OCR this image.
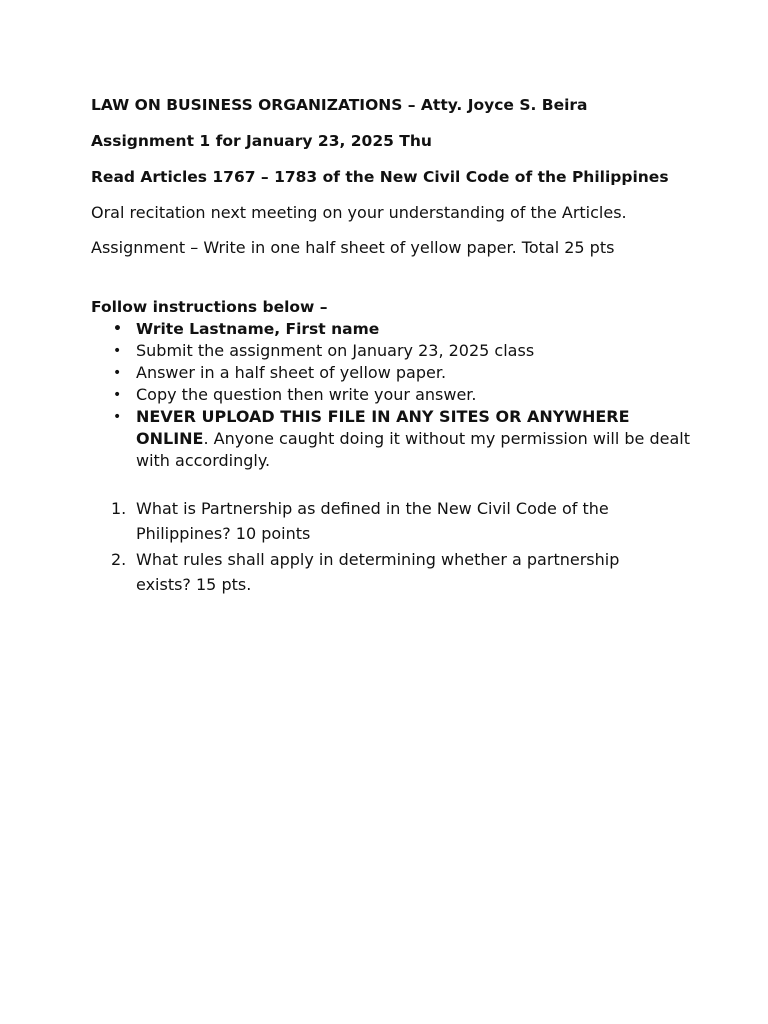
LAW ON BUSINESS ORGANIZATIONS – Atty. Joyce S. Beira

Assignment 1 for January 23, 2025 Thu

Read Articles 1767 – 1783 of the New Civil Code of the Philippines

Oral recitation next meeting on your understanding of the Articles.

Assignment – Write in one half sheet of yellow paper. Total 25 pts

Follow instructions below –

• Write Lastname, First name
• Submit the assignment on January 23, 2025 class
• Answer in a half sheet of yellow paper.
• Copy the question then write your answer.
• NEVER UPLOAD THIS FILE IN ANY SITES OR ANYWHERE ONLINE. Anyone caught doing it without my permission will be dealt with accordingly.
1. What is Partnership as defined in the New Civil Code of the Philippines? 10 points
2. What rules shall apply in determining whether a partnership exists? 15 pts.
